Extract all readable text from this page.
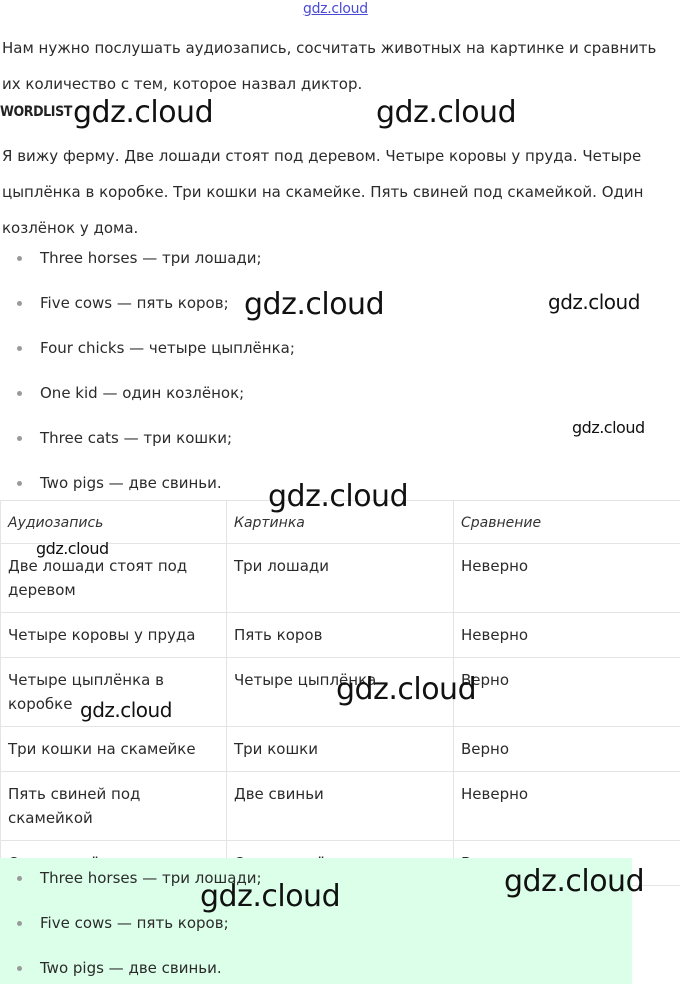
gdz.cloud

Нам нужно послушать аудиозапись, сосчитать животных на картинке и сравнить их количество с тем, которое назвал диктор.

WORDLIST

Я вижу ферму. Две лошади стоят под деревом. Четыре коровы у пруда. Четыре цыплёнка в коробке. Три кошки на скамейке. Пять свиней под скамейкой. Один козлёнок у дома.

Three horses — три лошади;
Five cows — пять коров;
Four chicks — четыре цыплёнка;
One kid — один козлёнок;
Three cats — три кошки;
Two pigs — две свиньи.
Аудиозапись	Картинка	Сравнение
Две лошади стоят под деревом	Три лошади	Неверно
Четыре коровы у пруда	Пять коров	Неверно
Четыре цыплёнка в коробке	Четыре цыплёнка	Верно
Три кошки на скамейке	Три кошки	Верно
Пять свиней под скамейкой	Две свиньи	Неверно

Three horses — три лошади;
Five cows — пять коров;
Two pigs — две свиньи.
gdz.cloud	gdz.cloud
gdz.cloud	gdz.cloud
gdz.cloud
gdz.cloud
gdz.cloud
gdz.cloud
gdz.cloud
gdz.cloud
gdz.cloud
